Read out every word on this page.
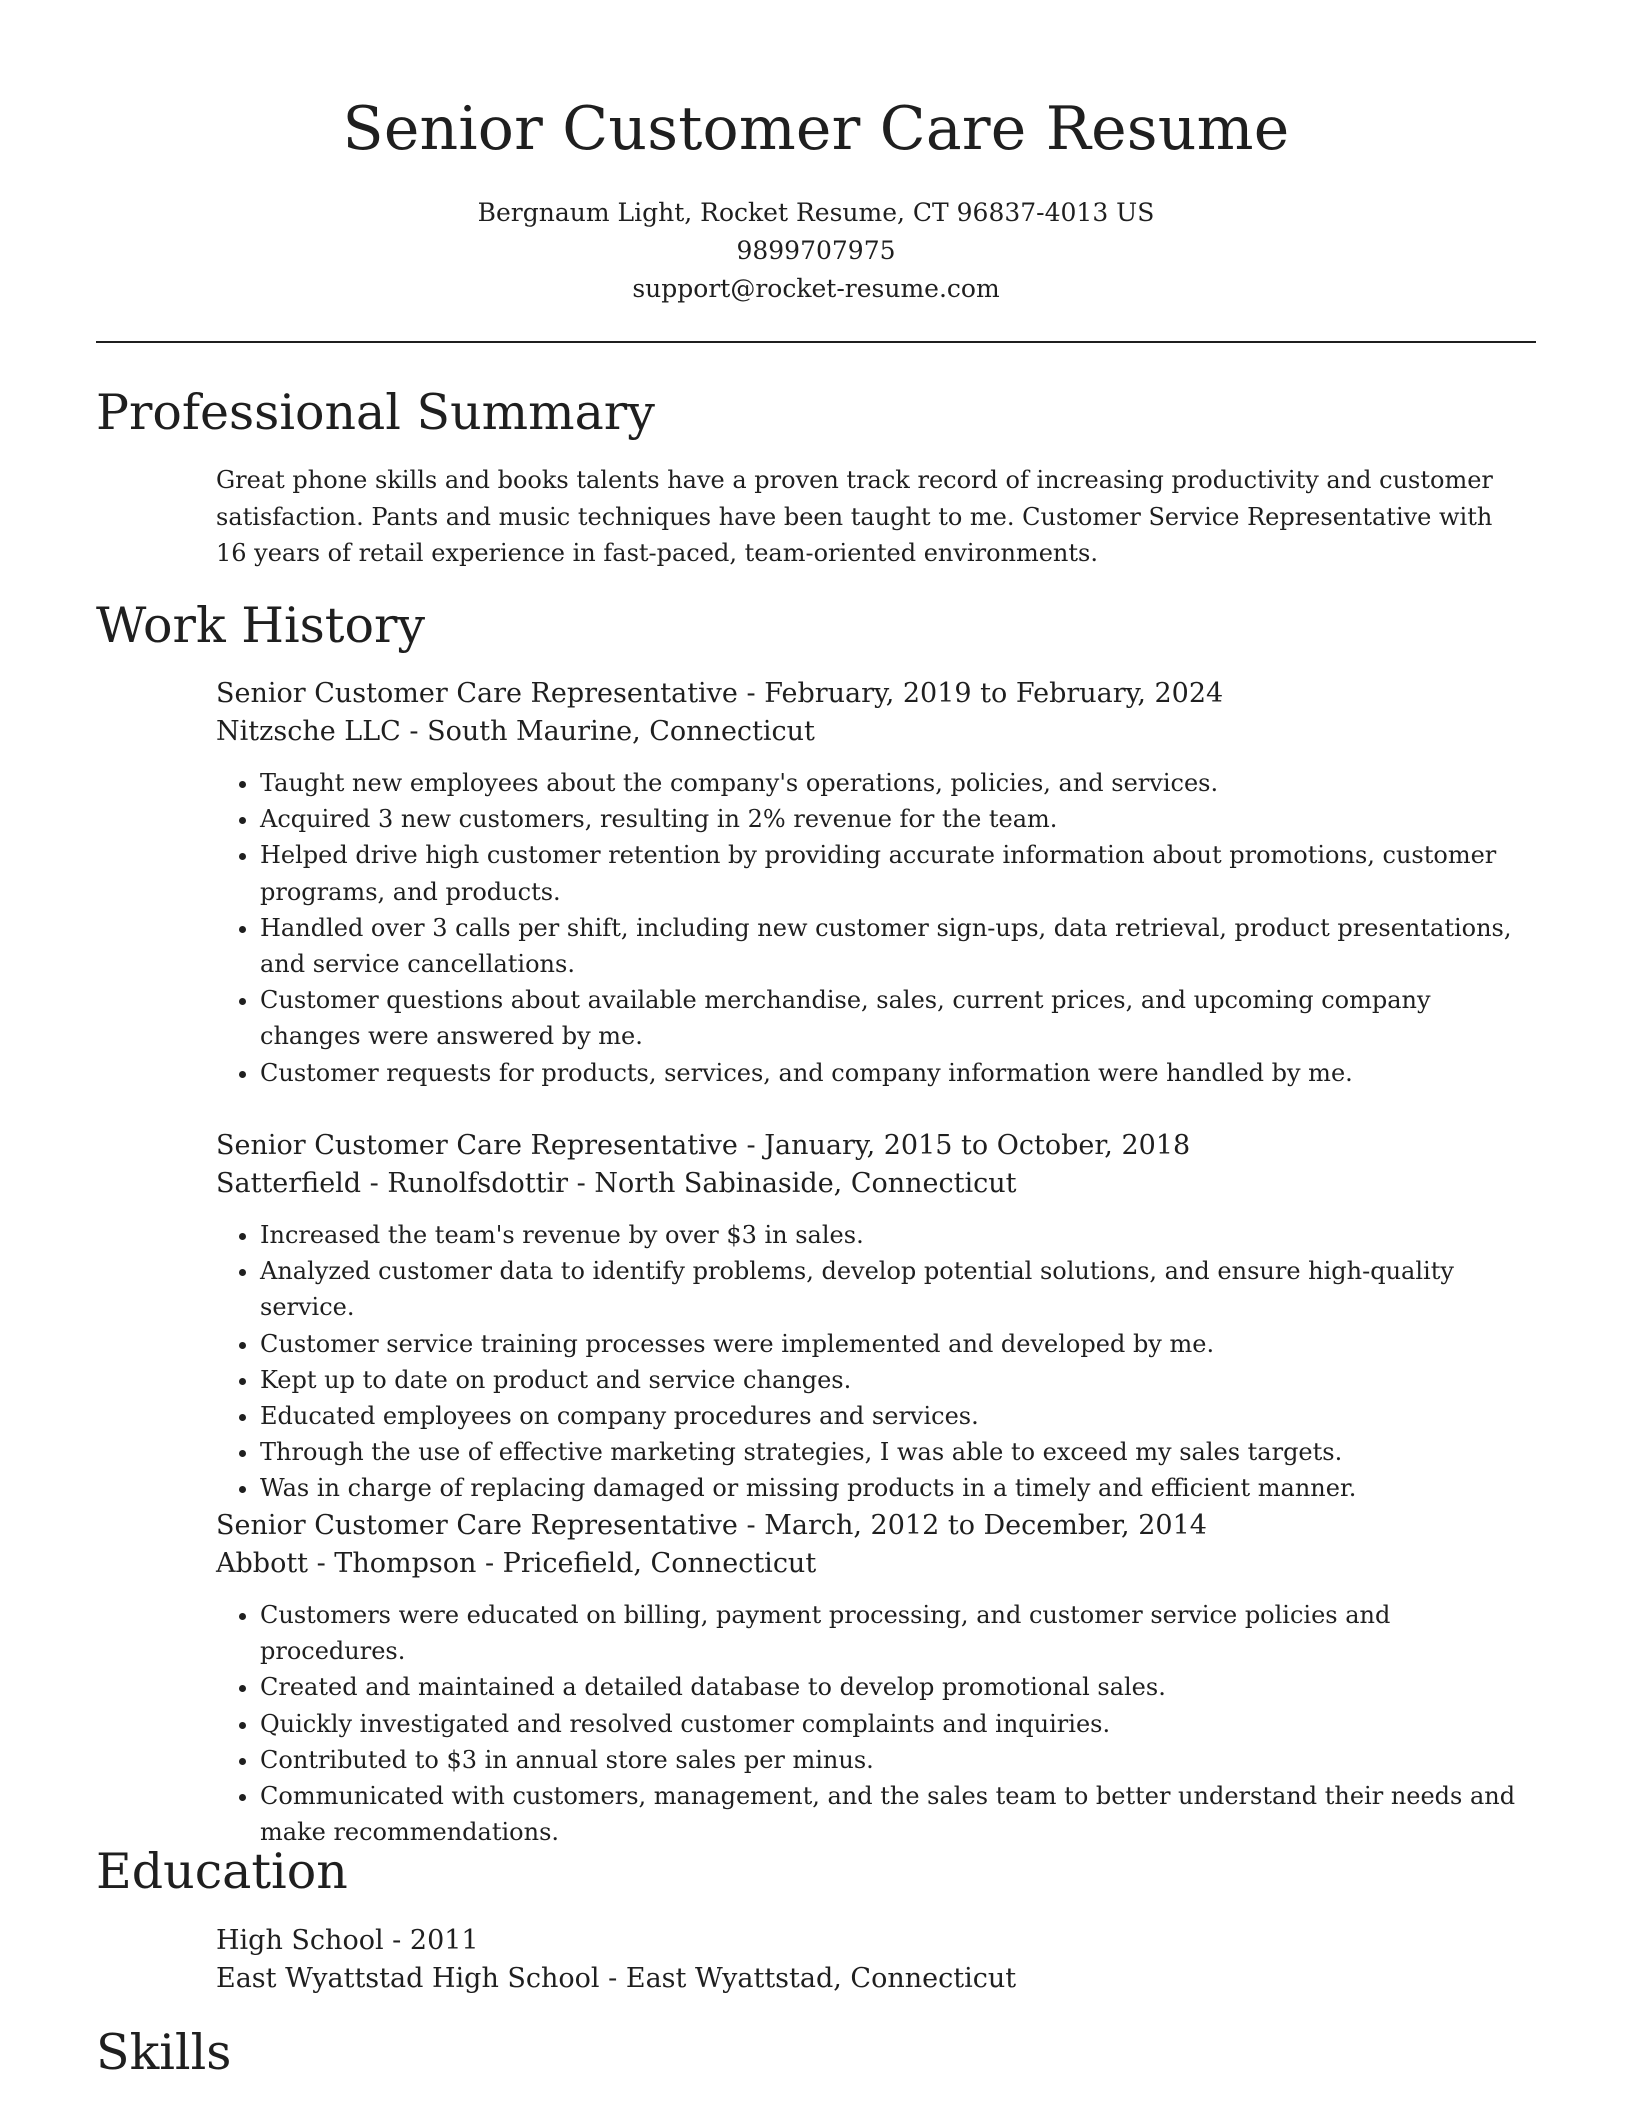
Senior Customer Care Resume

Bergnaum Light, Rocket Resume, CT 96837-4013 US

9899707975

support@rocket-resume.com

Professional Summary

Great phone skills and books talents have a proven track record of increasing productivity and customer satisfaction. Pants and music techniques have been taught to me. Customer Service Representative with 16 years of retail experience in fast-paced, team-oriented environments.

Work History

Senior Customer Care Representative - February, 2019 to February, 2024

Nitzsche LLC - South Maurine, Connecticut

• Taught new employees about the company's operations, policies, and services.
• Acquired 3 new customers, resulting in 2% revenue for the team.
• Helped drive high customer retention by providing accurate information about promotions, customer programs, and products.
• Handled over 3 calls per shift, including new customer sign-ups, data retrieval, product presentations, and service cancellations.
• Customer questions about available merchandise, sales, current prices, and upcoming company changes were answered by me.
• Customer requests for products, services, and company information were handled by me.

Senior Customer Care Representative - January, 2015 to October, 2018

Satterfield - Runolfsdottir - North Sabinaside, Connecticut

• Increased the team's revenue by over $3 in sales.
• Analyzed customer data to identify problems, develop potential solutions, and ensure high-quality service.
• Customer service training processes were implemented and developed by me.
• Kept up to date on product and service changes.
• Educated employees on company procedures and services.
• Through the use of effective marketing strategies, I was able to exceed my sales targets.
• Was in charge of replacing damaged or missing products in a timely and efficient manner.

Senior Customer Care Representative - March, 2012 to December, 2014

Abbott - Thompson - Pricefield, Connecticut

• Customers were educated on billing, payment processing, and customer service policies and procedures.
• Created and maintained a detailed database to develop promotional sales.
• Quickly investigated and resolved customer complaints and inquiries.
• Contributed to $3 in annual store sales per minus.
• Communicated with customers, management, and the sales team to better understand their needs and make recommendations.
Education

High School - 2011

East Wyattstad High School - East Wyattstad, Connecticut

Skills
